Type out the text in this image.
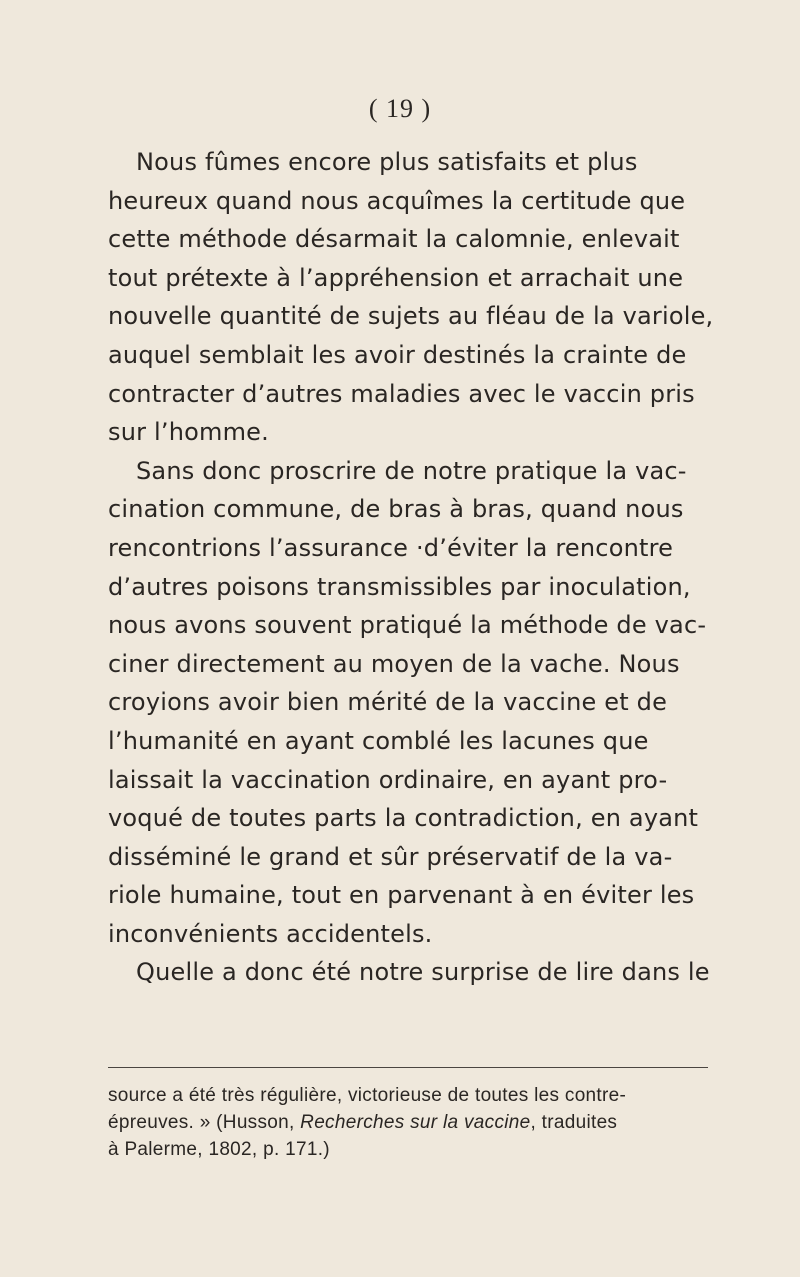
( 19 )

Nous fûmes encore plus satisfaits et plus

heureux quand nous acquîmes la certitude que

cette méthode désarmait la calomnie, enlevait

tout prétexte à l’appréhension et arrachait une

nouvelle quantité de sujets au fléau de la variole,

auquel semblait les avoir destinés la crainte de

contracter d’autres maladies avec le vaccin pris

sur l’homme.

Sans donc proscrire de notre pratique la vac-

cination commune, de bras à bras, quand nous

rencontrions l’assurance ·d’éviter la rencontre

d’autres poisons transmissibles par inoculation,

nous avons souvent pratiqué la méthode de vac-

ciner directement au moyen de la vache. Nous

croyions avoir bien mérité de la vaccine et de

l’humanité en ayant comblé les lacunes que

laissait la vaccination ordinaire, en ayant pro-

voqué de toutes parts la contradiction, en ayant

disséminé le grand et sûr préservatif de la va-

riole humaine, tout en parvenant à en éviter les

inconvénients accidentels.

Quelle a donc été notre surprise de lire dans le

source a été très régulière, victorieuse de toutes les contre-

épreuves. » (Husson, Recherches sur la vaccine, traduites

à Palerme, 1802, p. 171.)
